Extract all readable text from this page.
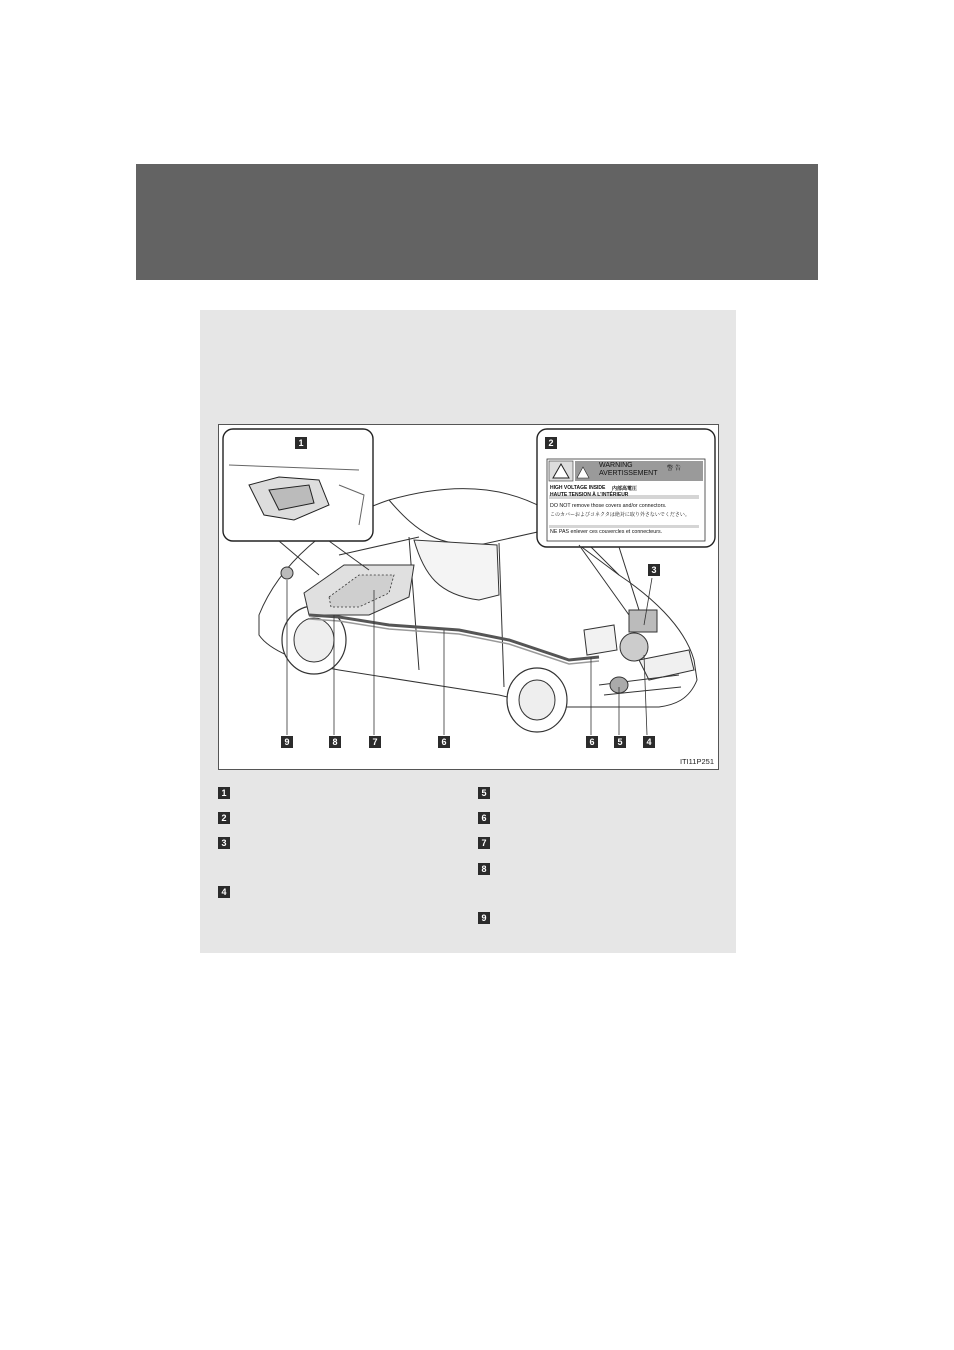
WARNING
AVERTISSEMENT
警 告
HIGH VOLTAGE INSIDE 内部高電圧
HAUTE TENSION À L'INTÉRIEUR
DO NOT remove those covers and/or connectors.
このカバーおよびコネクタは絶対に取り外さないでください。
NE PAS enlever ces couvercles et connecteurs.
1	2
3
4
5
6
6
7
8
9
ITI11P251
1
2
3
4
5
6
7
8
9
